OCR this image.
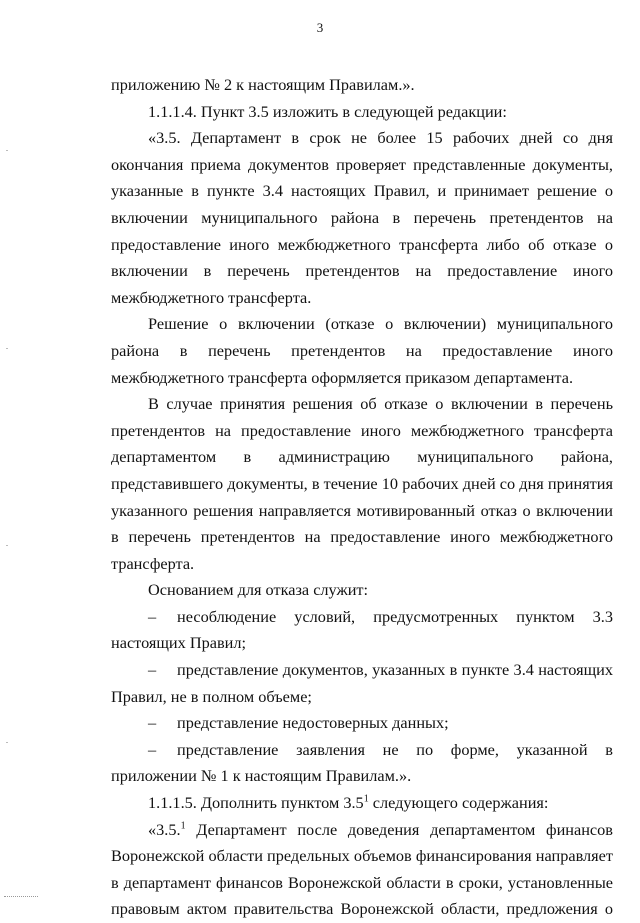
3

приложению № 2 к настоящим Правилам.».

1.1.1.4. Пункт 3.5 изложить в следующей редакции:

«3.5. Департамент в срок не более 15 рабочих дней со дня окончания приема документов проверяет представленные документы, указанные в пункте 3.4 настоящих Правил, и принимает решение о включении муниципального района в перечень претендентов на предоставление иного межбюджетного трансферта либо об отказе о включении в перечень претендентов на предоставление иного межбюджетного трансферта.

Решение о включении (отказе о включении) муниципального района в перечень претендентов на предоставление иного межбюджетного трансферта оформляется приказом департамента.

В случае принятия решения об отказе о включении в перечень претендентов на предоставление иного межбюджетного трансферта департаментом в администрацию муниципального района, представившего документы, в течение 10 рабочих дней со дня принятия указанного решения направляется мотивированный отказ о включении в перечень претендентов на предоставление иного межбюджетного трансферта.

Основанием для отказа служит:

– несоблюдение условий, предусмотренных пунктом 3.3 настоящих Правил;

– представление документов, указанных в пункте 3.4 настоящих Правил, не в полном объеме;

– представление недостоверных данных;

– представление заявления не по форме, указанной в приложении № 1 к настоящим Правилам.».

1.1.1.5. Дополнить пунктом $3.5^1$ следующего содержания:

«3.5.$^1$ Департамент после доведения департаментом финансов Воронежской области предельных объемов финансирования направляет в департамент финансов Воронежской области в сроки, установленные правовым актом правительства Воронежской области, предложения о
